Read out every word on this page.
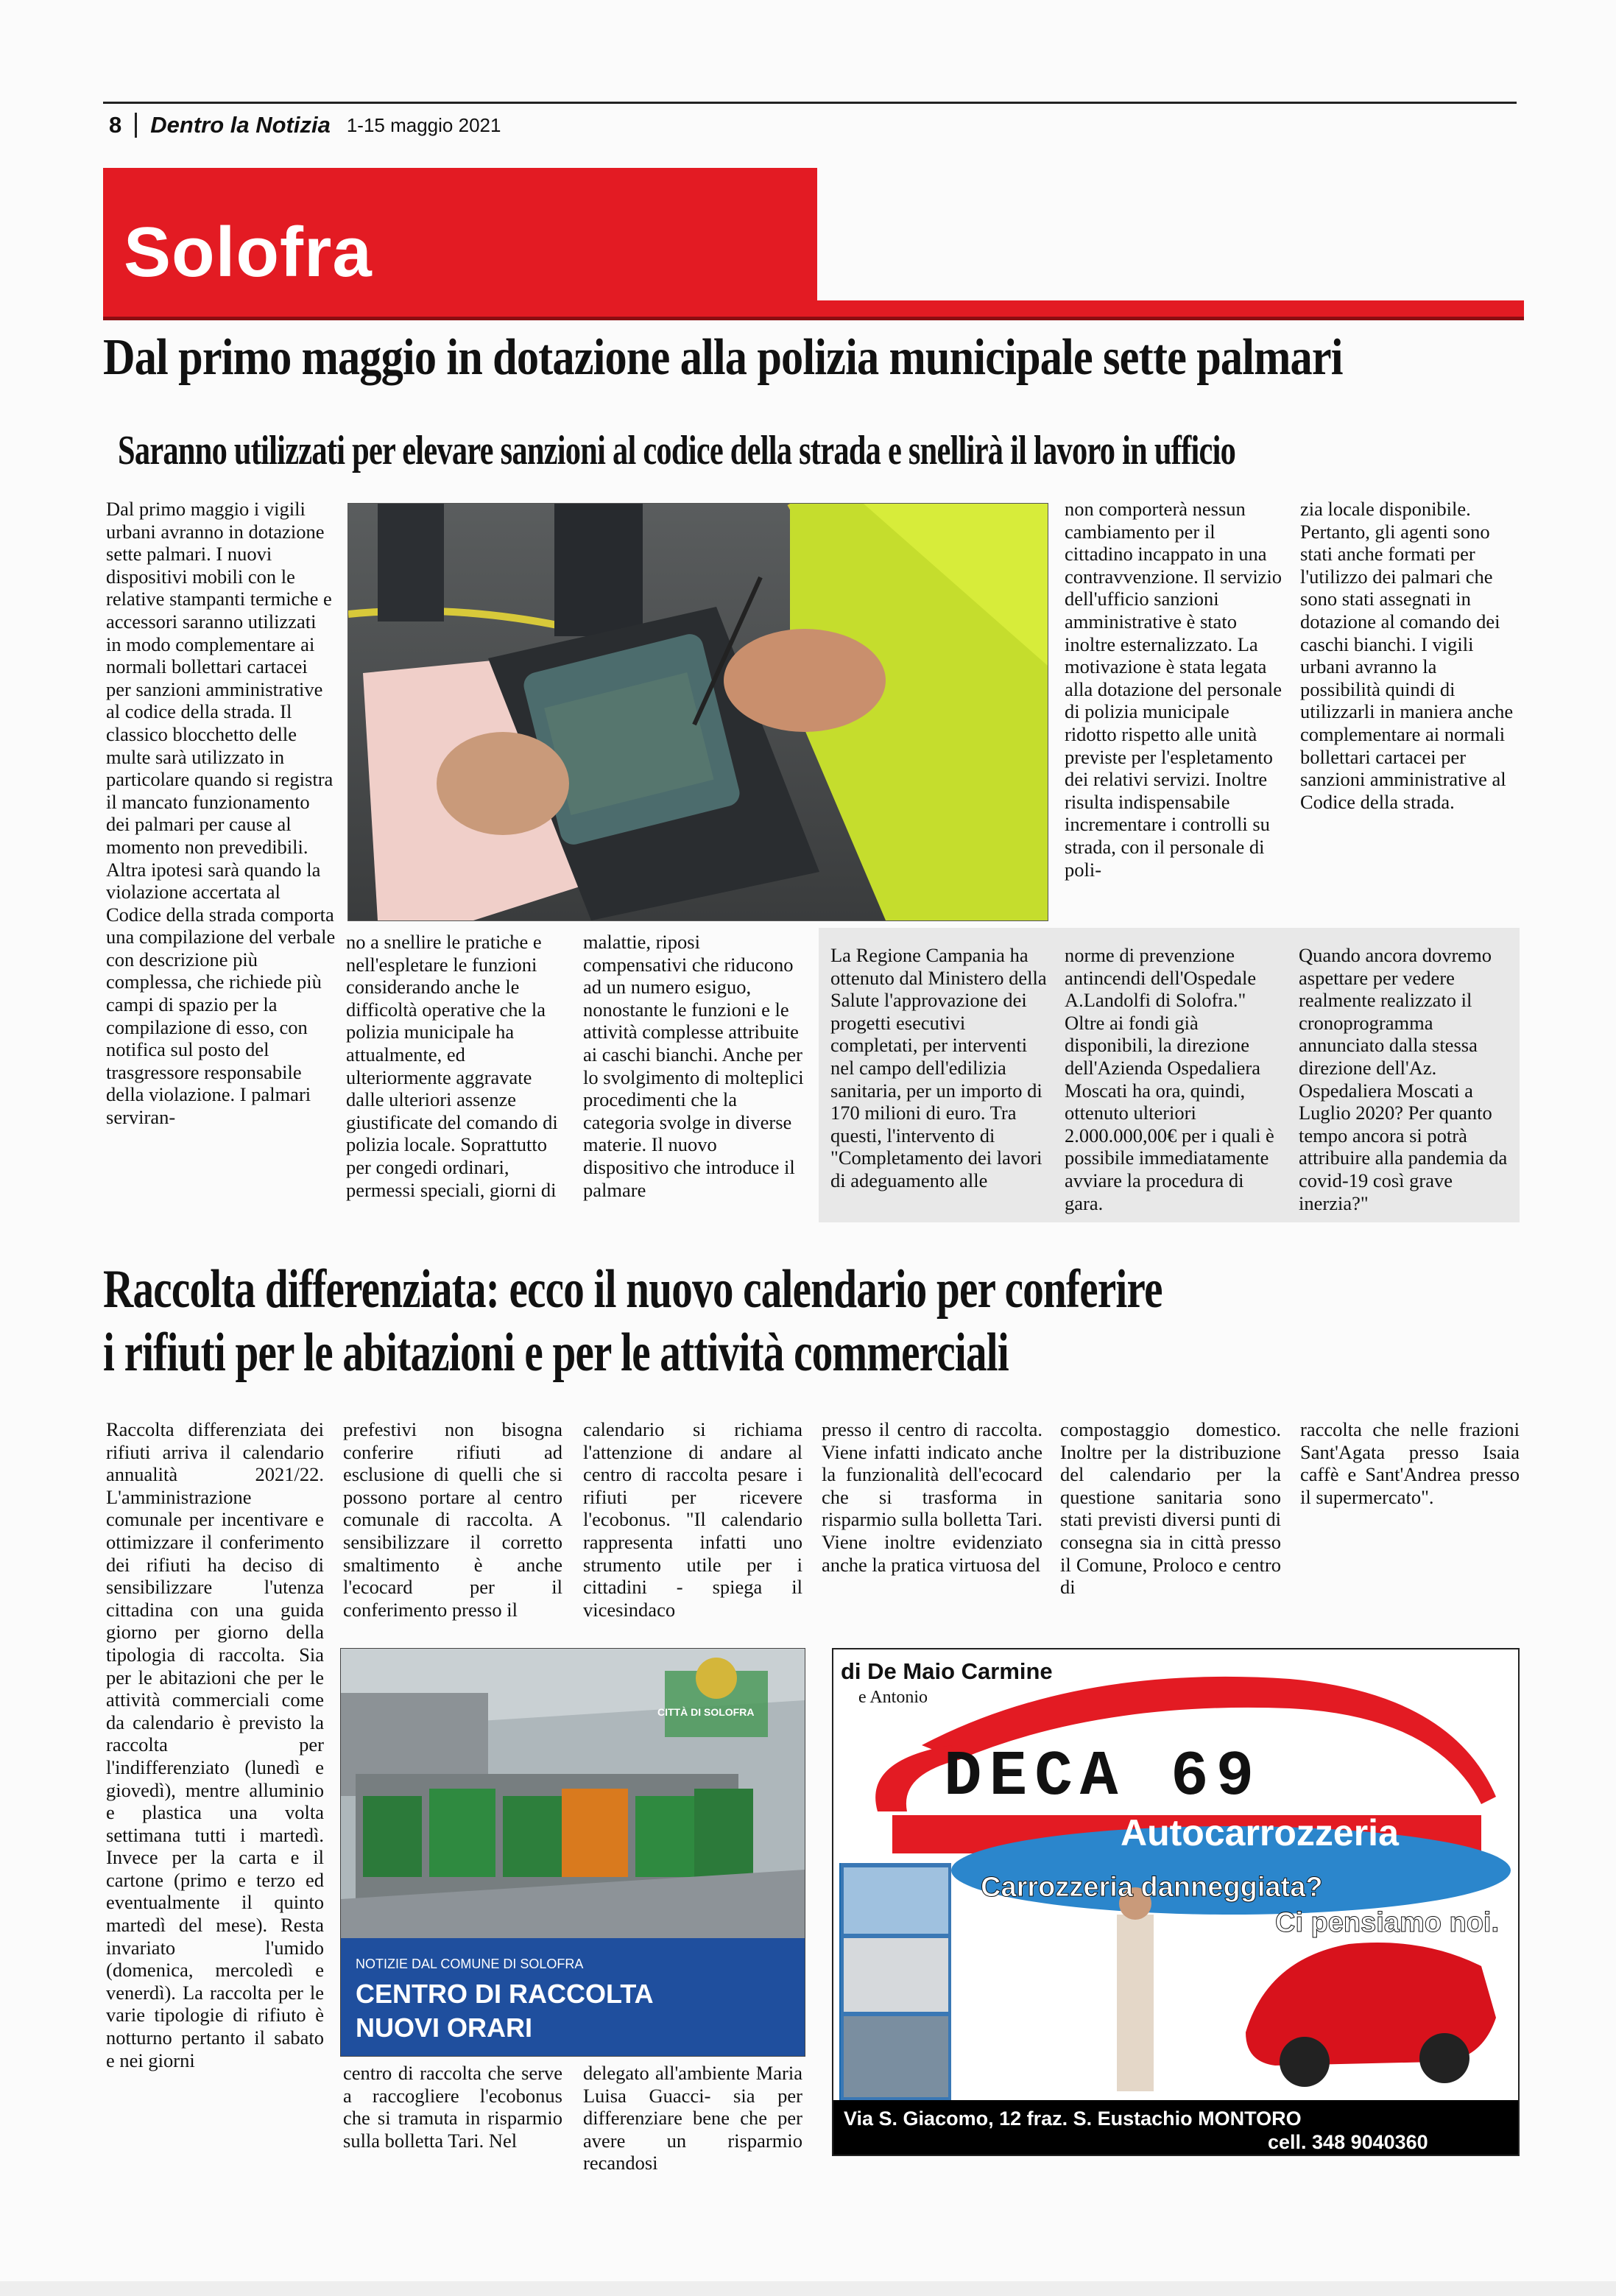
8 Dentro la Notizia 1-15 maggio 2021
Solofra
Dal primo maggio in dotazione alla polizia municipale sette palmari
Saranno utilizzati per elevare sanzioni al codice della strada e snellirà il lavoro in ufficio
Dal primo maggio i vigili urbani avranno in dotazione sette palmari. I nuovi dispositivi mobili con le relative stampanti termiche e accessori saranno utilizzati in modo complementare ai normali bollettari cartacei per sanzioni amministrative al codice della strada. Il classico blocchetto delle multe sarà utilizzato in particolare quando si registra il mancato funzionamento dei palmari per cause al momento non prevedibili. Altra ipotesi sarà quando la violazione accertata al Codice della strada comporta una compilazione del verbale con descrizione più complessa, che richiede più campi di spazio per la compilazione di esso, con notifica sul posto del trasgressore responsabile della violazione. I palmari serviran-
non comporterà nessun cambiamento per il cittadino incappato in una contravvenzione. Il servizio dell'ufficio sanzioni amministrative è stato inoltre esternalizzato. La motivazione è stata legata alla dotazione del personale di polizia municipale ridotto rispetto alle unità previste per l'espletamento dei relativi servizi. Inoltre risulta indispensabile incrementare i controlli su strada, con il personale di poli-
zia locale disponibile. Pertanto, gli agenti sono stati anche formati per l'utilizzo dei palmari che sono stati assegnati in dotazione al comando dei caschi bianchi. I vigili urbani avranno la possibilità quindi di utilizzarli in maniera anche complementare ai normali bollettari cartacei per sanzioni amministrative al Codice della strada.
no a snellire le pratiche e nell'espletare le funzioni considerando anche le difficoltà operative che la polizia municipale ha attualmente, ed ulteriormente aggravate dalle ulteriori assenze giustificate del comando di polizia locale. Soprattutto per congedi ordinari, permessi speciali, giorni di
malattie, riposi compensativi che riducono ad un numero esiguo, nonostante le funzioni e le attività complesse attribuite ai caschi bianchi. Anche per lo svolgimento di molteplici procedimenti che la categoria svolge in diverse materie. Il nuovo dispositivo che introduce il palmare
La Regione Campania ha ottenuto dal Ministero della Salute l'approvazione dei progetti esecutivi completati, per interventi nel campo dell'edilizia sanitaria, per un importo di 170 milioni di euro. Tra questi, l'intervento di "Completamento dei lavori di adeguamento alle
norme di prevenzione antincendi dell'Ospedale A.Landolfi di Solofra." Oltre ai fondi già disponibili, la direzione dell'Azienda Ospedaliera Moscati ha ora, quindi, ottenuto ulteriori 2.000.000,00€ per i quali è possibile immediatamente avviare la procedura di gara.
Quando ancora dovremo aspettare per vedere realmente realizzato il cronoprogramma annunciato dalla stessa direzione dell'Az. Ospedaliera Moscati a Luglio 2020? Per quanto tempo ancora si potrà attribuire alla pandemia da covid-19 così grave inerzia?"
Raccolta differenziata: ecco il nuovo calendario per conferire
i rifiuti per le abitazioni e per le attività commerciali
Raccolta differenziata dei rifiuti arriva il calendario annualità 2021/22. L'amministrazione comunale per incentivare e ottimizzare il conferimento dei rifiuti ha deciso di sensibilizzare l'utenza cittadina con una guida giorno per giorno della tipologia di raccolta. Sia per le abitazioni che per le attività commerciali come da calendario è previsto la raccolta per l'indifferenziato (lunedì e giovedì), mentre alluminio e plastica una volta settimana tutti i martedì. Invece per la carta e il cartone (primo e terzo ed eventualmente il quinto martedì del mese). Resta invariato l'umido (domenica, mercoledì e venerdì). La raccolta per le varie tipologie di rifiuto è notturno pertanto il sabato e nei giorni
prefestivi non bisogna conferire rifiuti ad esclusione di quelli che si possono portare al centro comunale di raccolta. A sensibilizzare il corretto smaltimento è anche l'ecocard per il conferimento presso il
calendario si richiama l'attenzione di andare al centro di raccolta pesare i rifiuti per ricevere l'ecobonus. "Il calendario rappresenta infatti uno strumento utile per i cittadini - spiega il vicesindaco
presso il centro di raccolta. Viene infatti indicato anche la funzionalità dell'ecocard che si trasforma in risparmio sulla bolletta Tari. Viene inoltre evidenziato anche la pratica virtuosa del
compostaggio domestico. Inoltre per la distribuzione del calendario per la questione sanitaria sono stati previsti diversi punti di consegna sia in città presso il Comune, Proloco e centro di
raccolta che nelle frazioni Sant'Agata presso Isaia caffè e Sant'Andrea presso il supermercato".
CITTÀ DI SOLOFRA
NOTIZIE DAL COMUNE DI SOLOFRA
CENTRO DI RACCOLTA
NUOVI ORARI
centro di raccolta che serve a raccogliere l'ecobonus che si tramuta in risparmio sulla bolletta Tari. Nel
delegato all'ambiente Maria Luisa Guacci- sia per differenziare bene che per avere un risparmio recandosi
di De Maio Carmine
e Antonio
DECA 69
Autocarrozzeria
Carrozzeria danneggiata?
Ci pensiamo noi.
Via S. Giacomo, 12 fraz. S. Eustachio MONTORO
cell. 348 9040360
